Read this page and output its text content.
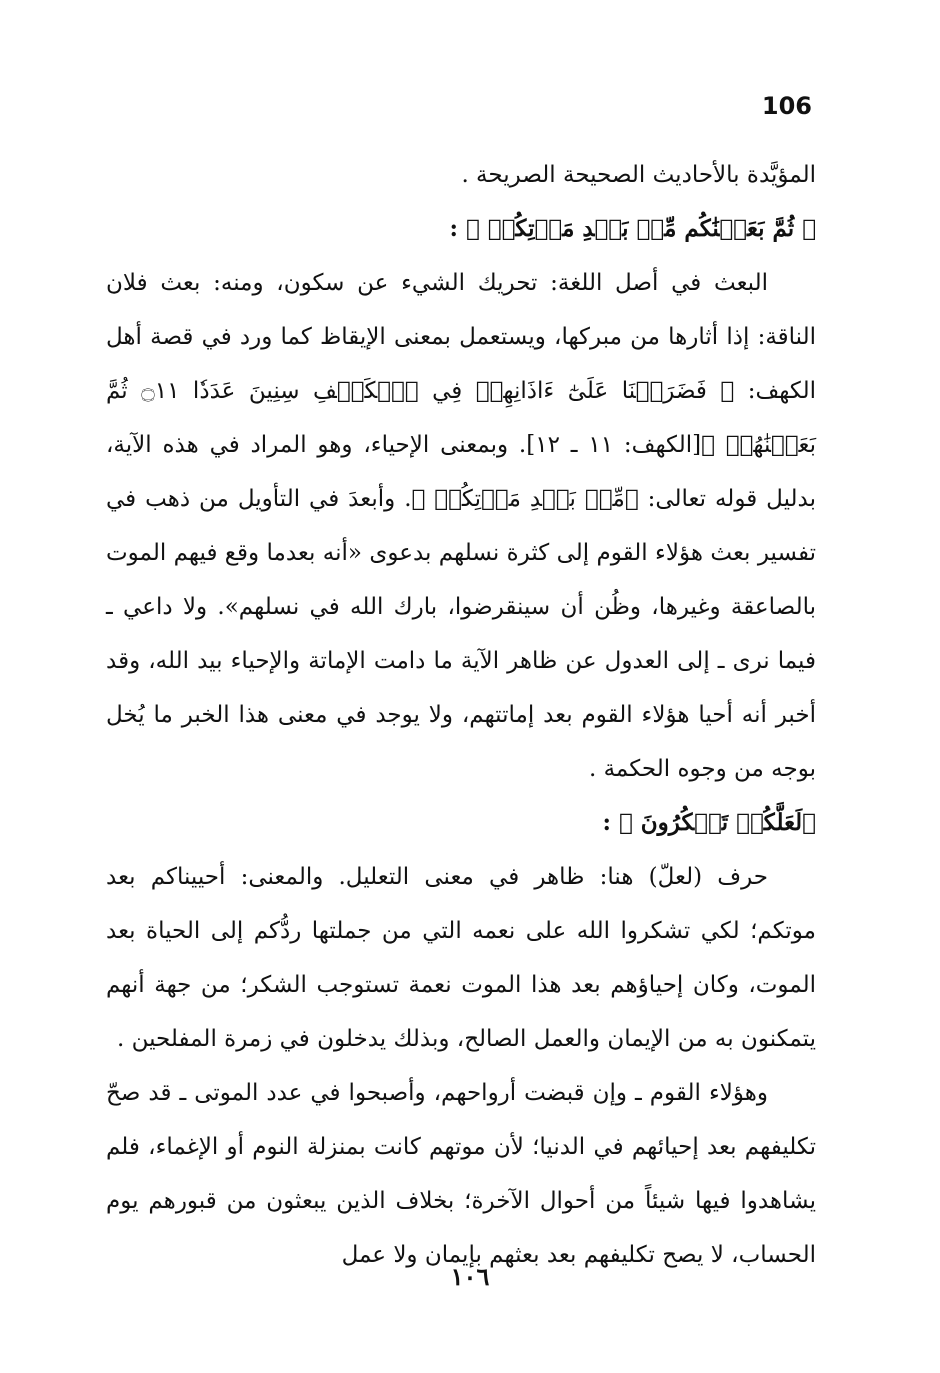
106

المؤيَّدة بالأحاديث الصحيحة الصريحة .

﴿ ثُمَّ بَعَثۡنَٰكُم مِّنۢ بَعۡدِ مَوۡتِكُمۡ ﴾ :

البعث في أصل اللغة: تحريك الشيء عن سكون، ومنه: بعث فلان الناقة: إذا أثارها من مبركها، ويستعمل بمعنى الإيقاظ كما ورد في قصة أهل الكهف: ﴿ فَضَرَبۡنَا عَلَىٰٓ ءَاذَانِهِمۡ فِي ٱلۡكَهۡفِ سِنِينَ عَدَدٗا ۝١١ ثُمَّ بَعَثۡنَٰهُمۡ ﴾[الكهف: ١١ ـ ١٢]. وبمعنى الإحياء، وهو المراد في هذه الآية، بدليل قوله تعالى: ﴿مِّنۢ بَعۡدِ مَوۡتِكُمۡ ﴾. وأبعدَ في التأويل من ذهب في تفسير بعث هؤلاء القوم إلى كثرة نسلهم بدعوى «أنه بعدما وقع فيهم الموت بالصاعقة وغيرها، وظُن أن سينقرضوا، بارك الله في نسلهم». ولا داعي ـ فيما نرى ـ إلى العدول عن ظاهر الآية ما دامت الإماتة والإحياء بيد الله، وقد أخبر أنه أحيا هؤلاء القوم بعد إماتتهم، ولا يوجد في معنى هذا الخبر ما يُخل بوجه من وجوه الحكمة .

﴿لَعَلَّكُمۡ تَشۡكُرُونَ ﴾ :

حرف (لعلّ) هنا: ظاهر في معنى التعليل. والمعنى: أحييناكم بعد موتكم؛ لكي تشكروا الله على نعمه التي من جملتها ردُّكم إلى الحياة بعد الموت، وكان إحياؤهم بعد هذا الموت نعمة تستوجب الشكر؛ من جهة أنهم يتمكنون به من الإيمان والعمل الصالح، وبذلك يدخلون في زمرة المفلحين .

وهؤلاء القوم ـ وإن قبضت أرواحهم، وأصبحوا في عدد الموتى ـ قد صحّ تكليفهم بعد إحيائهم في الدنيا؛ لأن موتهم كانت بمنزلة النوم أو الإغماء، فلم يشاهدوا فيها شيئاً من أحوال الآخرة؛ بخلاف الذين يبعثون من قبورهم يوم الحساب، لا يصح تكليفهم بعد بعثهم بإيمان ولا عمل

١٠٦
